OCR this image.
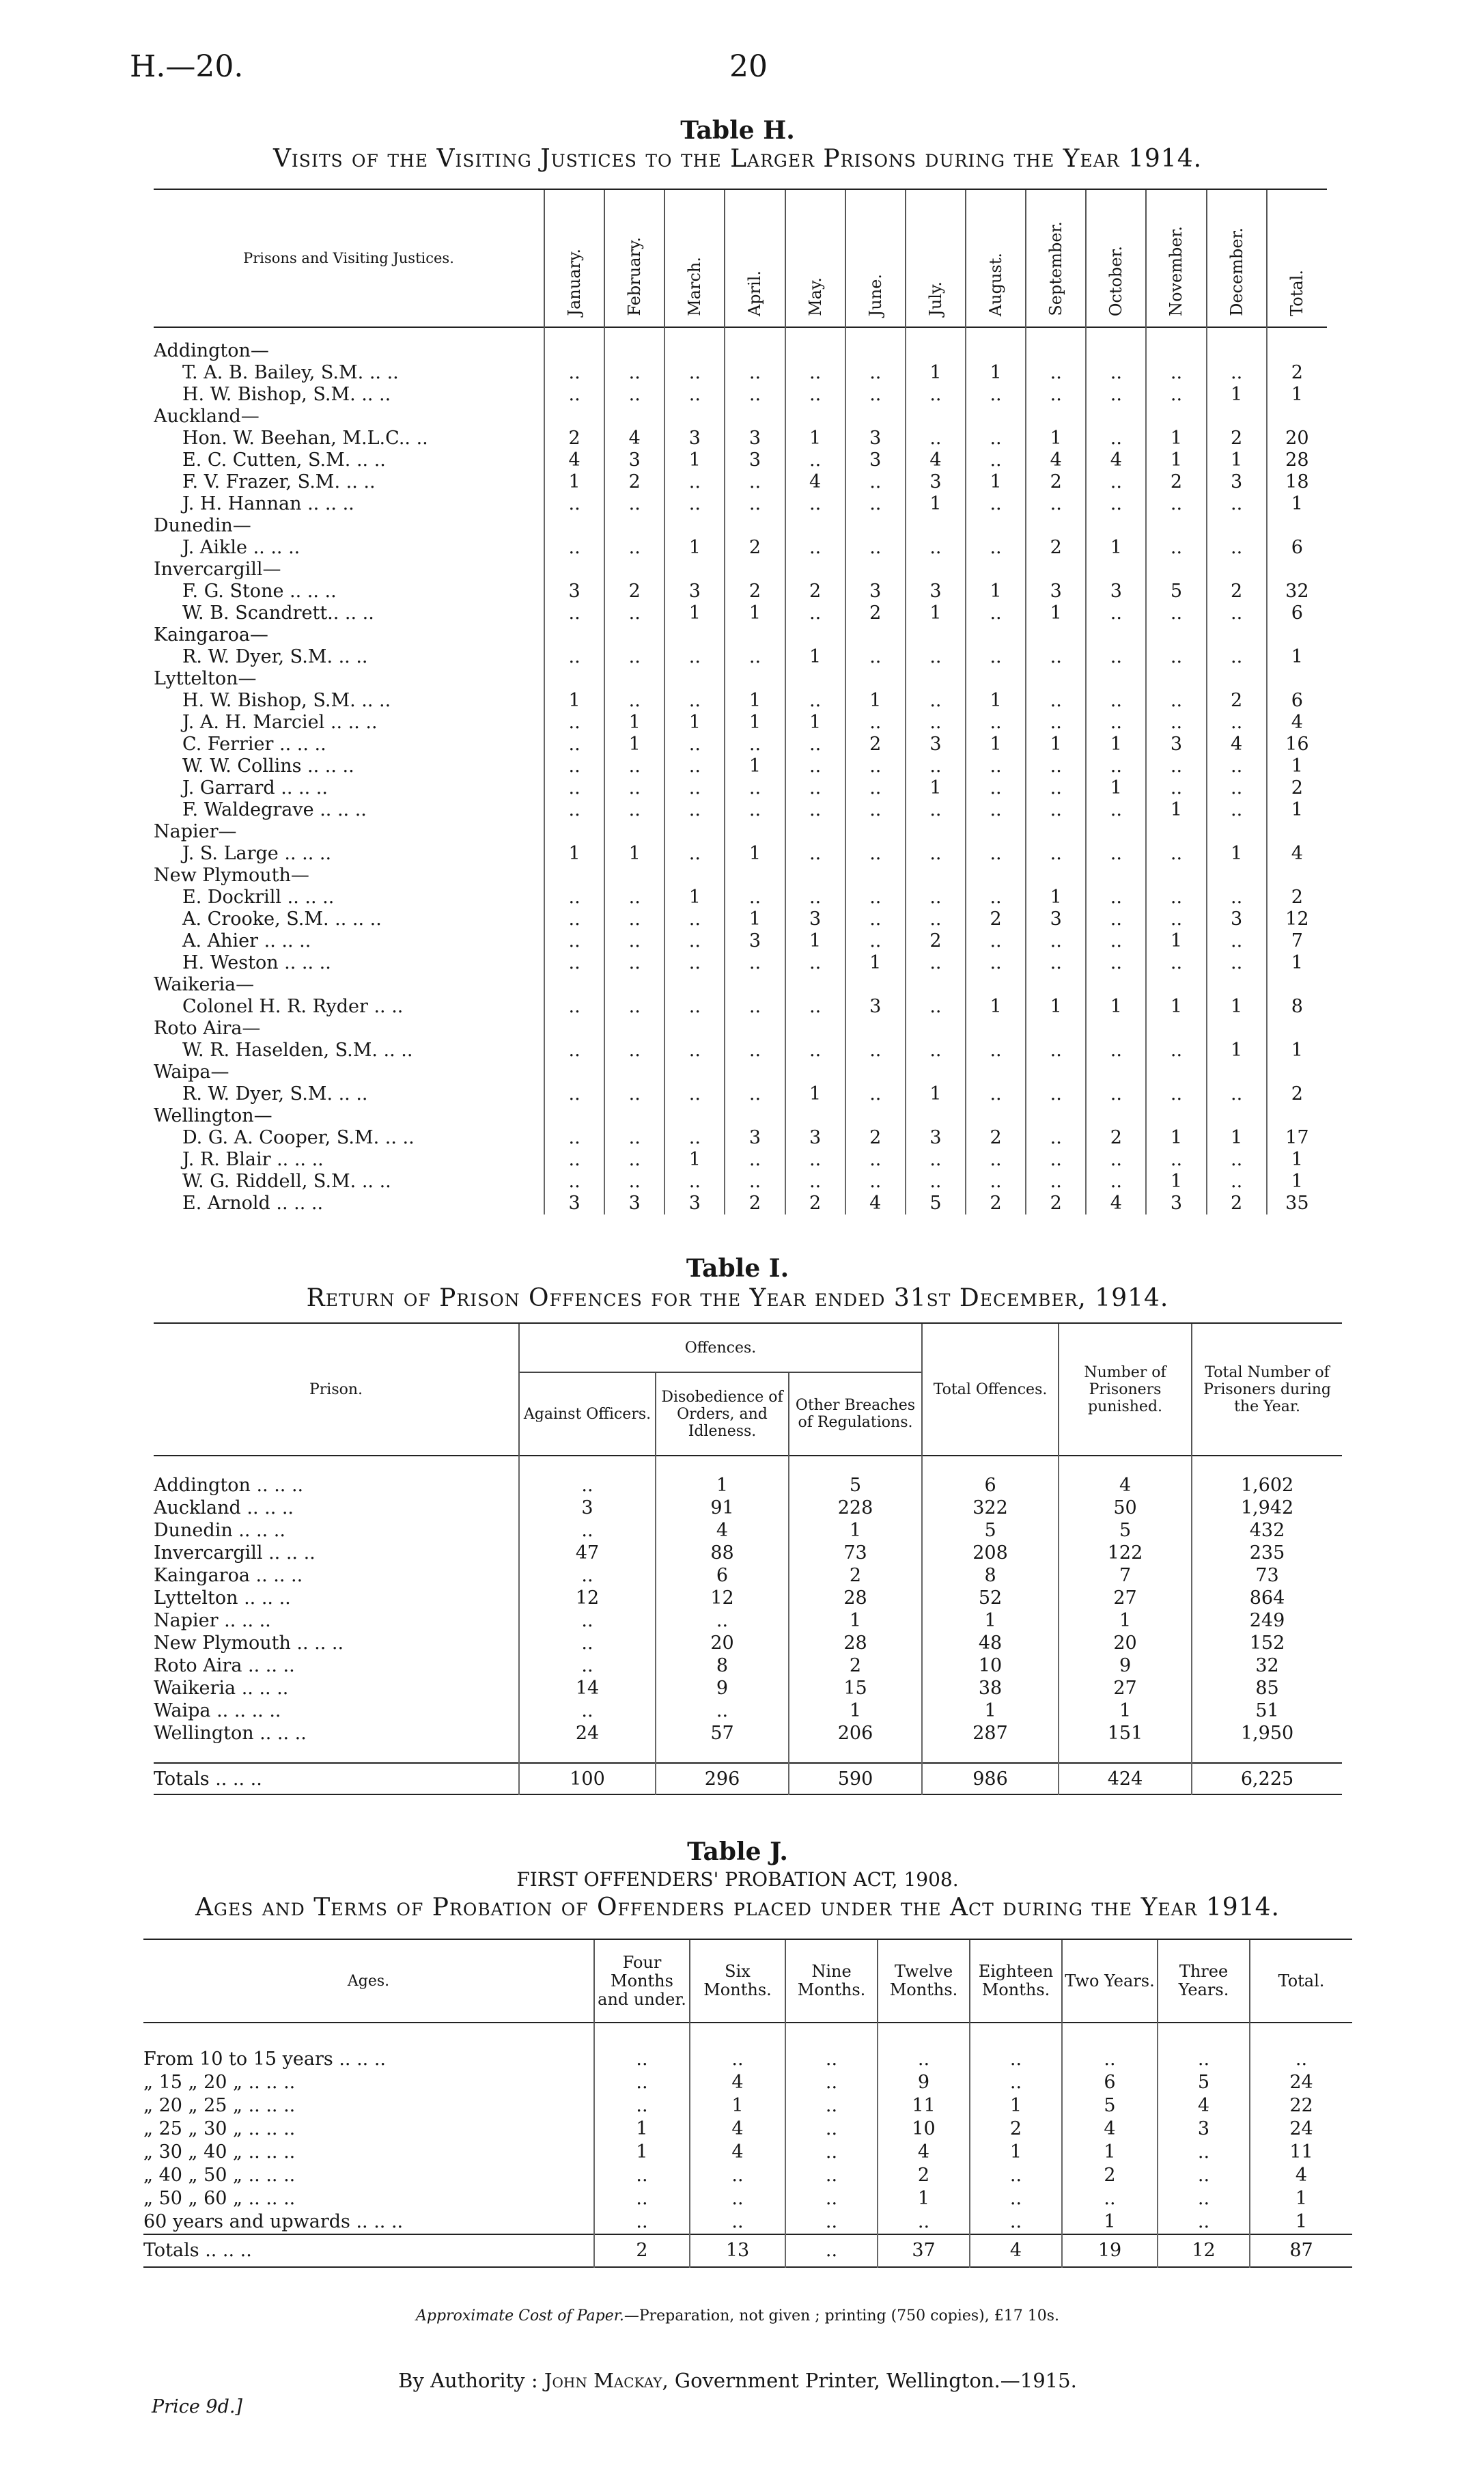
H.—20.	20
Table H.
Visits of the Visiting Justices to the Larger Prisons during the Year 1914.
Prisons and Visiting Justices.	January.	February.	March.	April.	May.	June.	July.	August.	September.	October.	November.	December.	Total.

Addington—													
T. A. B. Bailey, S.M. .. ..	..	..	..	..	..	..	1	1	..	..	..	..	2
H. W. Bishop, S.M. .. ..	..	..	..	..	..	..	..	..	..	..	..	1	1
Auckland—													
Hon. W. Beehan, M.L.C.. ..	2	4	3	3	1	3	..	..	1	..	1	2	20
E. C. Cutten, S.M. .. ..	4	3	1	3	..	3	4	..	4	4	1	1	28
F. V. Frazer, S.M. .. ..	1	2	..	..	4	..	3	1	2	..	2	3	18
J. H. Hannan .. .. ..	..	..	..	..	..	..	1	..	..	..	..	..	1
Dunedin—													
J. Aikle .. .. ..	..	..	1	2	..	..	..	..	2	1	..	..	6
Invercargill—													
F. G. Stone .. .. ..	3	2	3	2	2	3	3	1	3	3	5	2	32
W. B. Scandrett.. .. ..	..	..	1	1	..	2	1	..	1	..	..	..	6
Kaingaroa—													
R. W. Dyer, S.M. .. ..	..	..	..	..	1	..	..	..	..	..	..	..	1
Lyttelton—													
H. W. Bishop, S.M. .. ..	1	..	..	1	..	1	..	1	..	..	..	2	6
J. A. H. Marciel .. .. ..	..	1	1	1	1	..	..	..	..	..	..	..	4
C. Ferrier .. .. ..	..	1	..	..	..	2	3	1	1	1	3	4	16
W. W. Collins .. .. ..	..	..	..	1	..	..	..	..	..	..	..	..	1
J. Garrard .. .. ..	..	..	..	..	..	..	1	..	..	1	..	..	2
F. Waldegrave .. .. ..	..	..	..	..	..	..	..	..	..	..	1	..	1
Napier—													
J. S. Large .. .. ..	1	1	..	1	..	..	..	..	..	..	..	1	4
New Plymouth—													
E. Dockrill .. .. ..	..	..	1	..	..	..	..	..	1	..	..	..	2
A. Crooke, S.M. .. .. ..	..	..	..	1	3	..	..	2	3	..	..	3	12
A. Ahier .. .. ..	..	..	..	3	1	..	2	..	..	..	1	..	7
H. Weston .. .. ..	..	..	..	..	..	1	..	..	..	..	..	..	1
Waikeria—													
Colonel H. R. Ryder .. ..	..	..	..	..	..	3	..	1	1	1	1	1	8
Roto Aira—													
W. R. Haselden, S.M. .. ..	..	..	..	..	..	..	..	..	..	..	..	1	1
Waipa—													
R. W. Dyer, S.M. .. ..	..	..	..	..	1	..	1	..	..	..	..	..	2
Wellington—													
D. G. A. Cooper, S.M. .. ..	..	..	..	3	3	2	3	2	..	2	1	1	17
J. R. Blair .. .. ..	..	..	1	..	..	..	..	..	..	..	..	..	1
W. G. Riddell, S.M. .. ..	..	..	..	..	..	..	..	..	..	..	1	..	1
E. Arnold .. .. ..	3	3	3	2	2	4	5	2	2	4	3	2	35
Table I.
Return of Prison Offences for the Year ended 31st December, 1914.
Prison.	Offences.			Total Offences.	Number of Prisoners punished.	Total Number of Prisoners during the Year.
	Against Officers.	Disobedience of Orders, and Idleness.	Other Breaches of Regulations.			

Addington .. .. ..	..	1	5	6	4	1,602
Auckland .. .. ..	3	91	228	322	50	1,942
Dunedin .. .. ..	..	4	1	5	5	432
Invercargill .. .. ..	47	88	73	208	122	235
Kaingaroa .. .. ..	..	6	2	8	7	73
Lyttelton .. .. ..	12	12	28	52	27	864
Napier .. .. ..	..	..	1	1	1	249
New Plymouth .. .. ..	..	20	28	48	20	152
Roto Aira .. .. ..	..	8	2	10	9	32
Waikeria .. .. ..	14	9	15	38	27	85
Waipa .. .. .. ..	..	..	1	1	1	51
Wellington .. .. ..	24	57	206	287	151	1,950

Totals .. .. ..	100	296	590	986	424	6,225
Table J.
FIRST OFFENDERS' PROBATION ACT, 1908.
Ages and Terms of Probation of Offenders placed under the Act during the Year 1914.
Ages.	Four Months and under.	Six Months.	Nine Months.	Twelve Months.	Eighteen Months.	Two Years.	Three Years.	Total.

From 10 to 15 years .. .. ..	..	..	..	..	..	..	..	..
„ 15 „ 20 „ .. .. ..	..	4	..	9	..	6	5	24
„ 20 „ 25 „ .. .. ..	..	1	..	11	1	5	4	22
„ 25 „ 30 „ .. .. ..	1	4	..	10	2	4	3	24
„ 30 „ 40 „ .. .. ..	1	4	..	4	1	1	..	11
„ 40 „ 50 „ .. .. ..	..	..	..	2	..	2	..	4
„ 50 „ 60 „ .. .. ..	..	..	..	1	..	..	..	1
60 years and upwards .. .. ..	..	..	..	..	..	1	..	1
Totals .. .. ..	2	13	..	37	4	19	12	87
Approximate Cost of Paper.—Preparation, not given ; printing (750 copies), £17 10s.
By Authority : John Mackay, Government Printer, Wellington.—1915.
Price 9d.]
